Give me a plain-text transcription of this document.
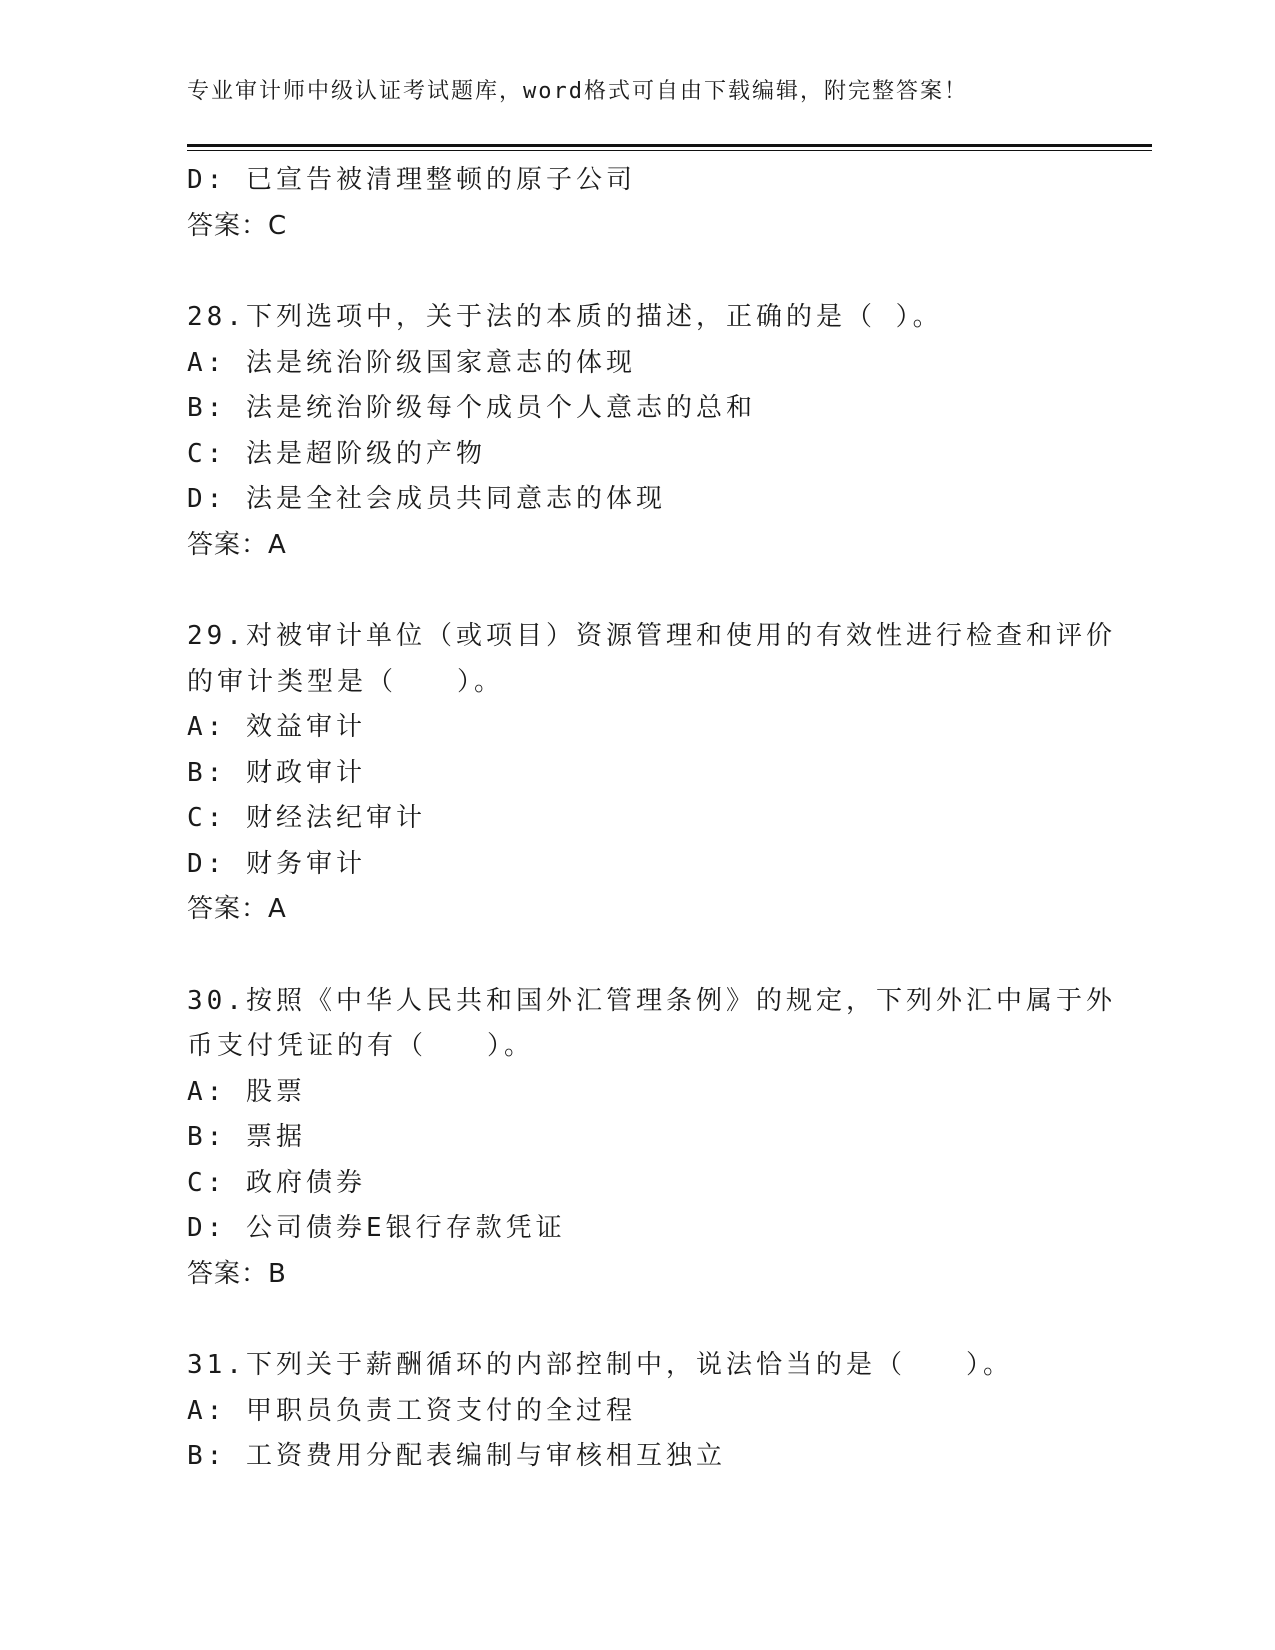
专业审计师中级认证考试题库，word格式可自由下载编辑，附完整答案！
D: 已宣告被清理整顿的原子公司
答案：C
28.下列选项中，关于法的本质的描述，正确的是（ ）。
A: 法是统治阶级国家意志的体现
B: 法是统治阶级每个成员个人意志的总和
C: 法是超阶级的产物
D: 法是全社会成员共同意志的体现
答案：A
29.对被审计单位（或项目）资源管理和使用的有效性进行检查和评价
的审计类型是（　　）。
A: 效益审计
B: 财政审计
C: 财经法纪审计
D: 财务审计
答案：A
30.按照《中华人民共和国外汇管理条例》的规定，下列外汇中属于外
币支付凭证的有（　　）。
A: 股票
B: 票据
C: 政府债券
D: 公司债券E银行存款凭证
答案：B
31.下列关于薪酬循环的内部控制中，说法恰当的是（　　）。
A: 甲职员负责工资支付的全过程
B: 工资费用分配表编制与审核相互独立
